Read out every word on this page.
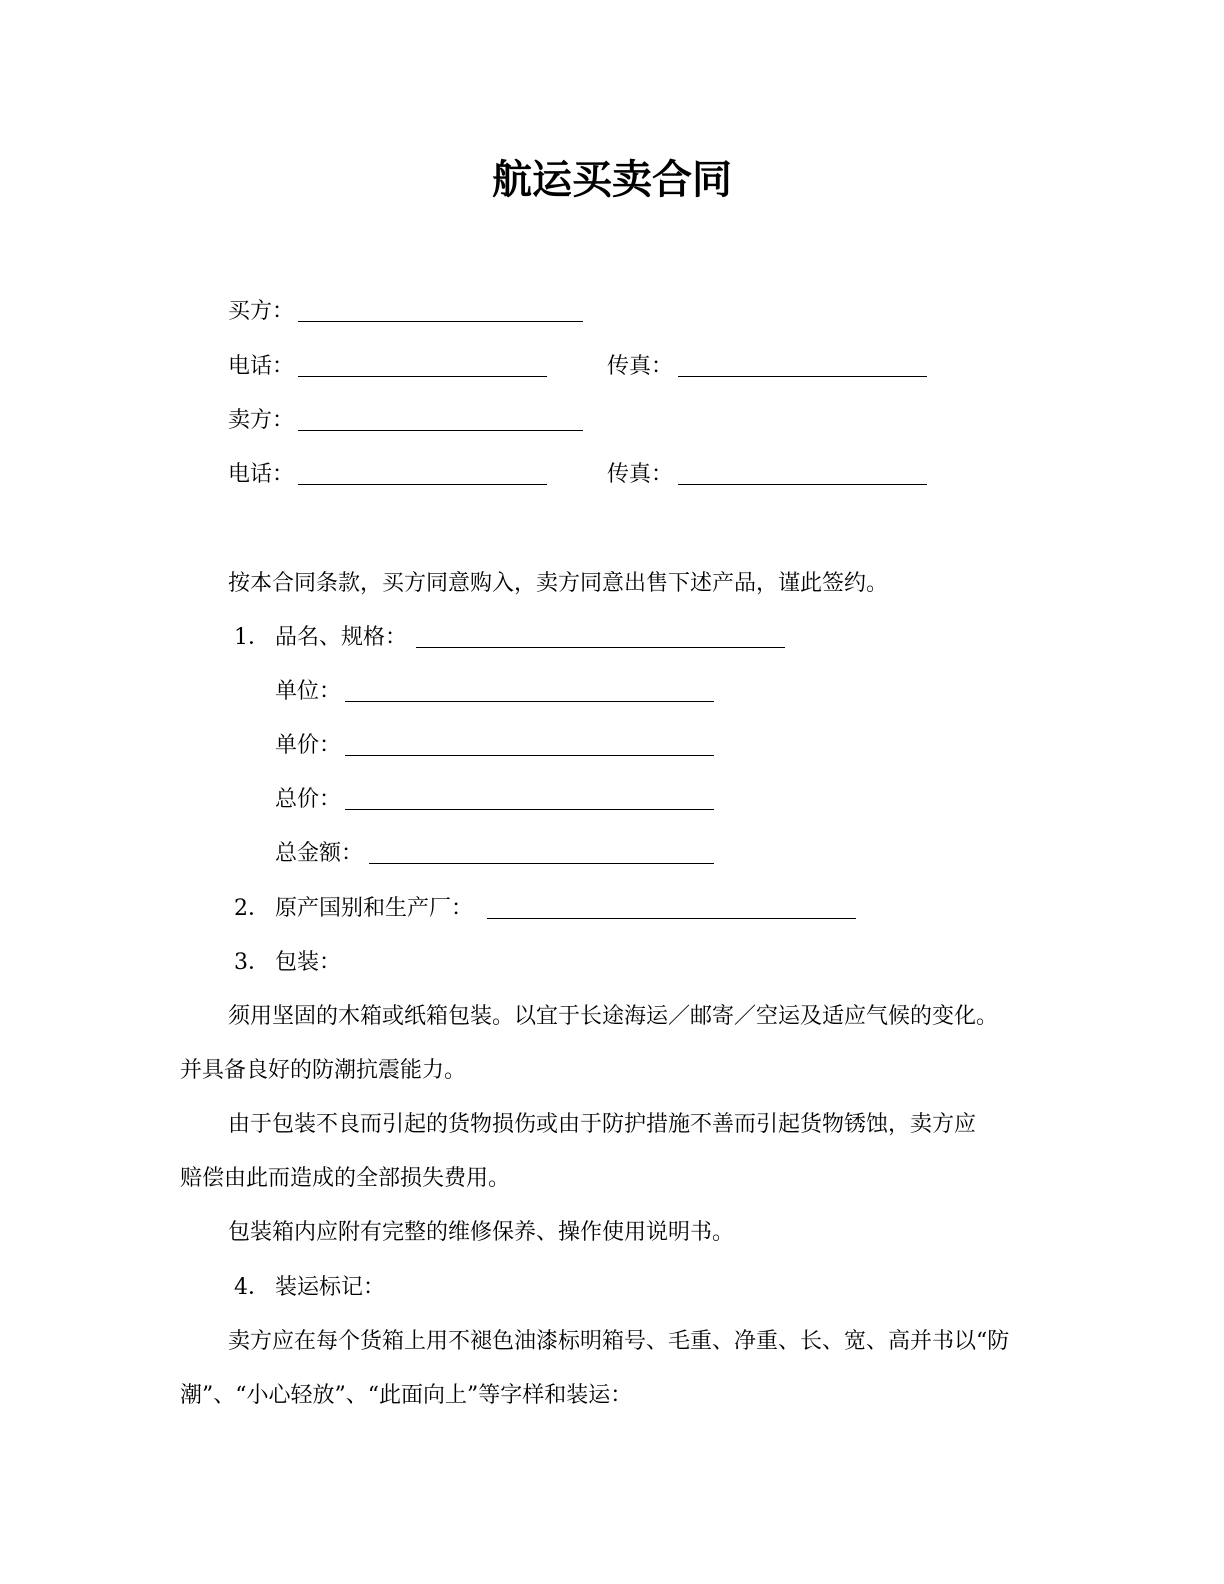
航运买卖合同
买方：
电话：	传真：
卖方：
电话：	传真：
按本合同条款，买方同意购入，卖方同意出售下述产品，谨此签约。
1． 品名、规格：
单位：
单价：
总价：
总金额：
2． 原产国别和生产厂：
3． 包装：
须用坚固的木箱或纸箱包装。以宜于长途海运／邮寄／空运及适应气候的变化。
并具备良好的防潮抗震能力。
由于包装不良而引起的货物损伤或由于防护措施不善而引起货物锈蚀，卖方应
赔偿由此而造成的全部损失费用。
包装箱内应附有完整的维修保养、操作使用说明书。
4． 装运标记：
卖方应在每个货箱上用不褪色油漆标明箱号、毛重、净重、长、宽、高并书以“防
潮”、“小心轻放”、“此面向上”等字样和装运：
